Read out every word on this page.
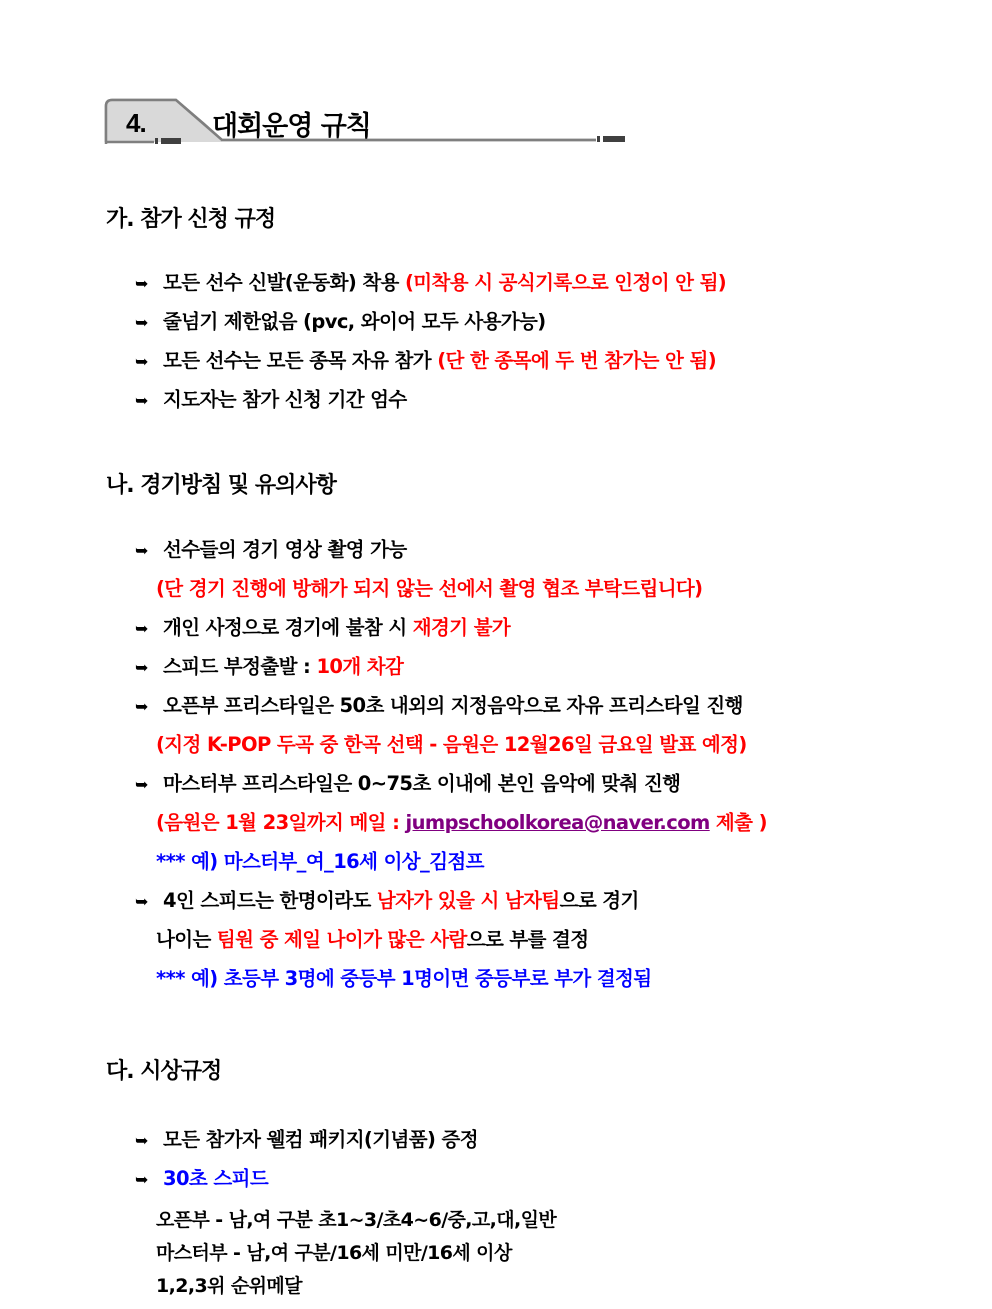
4. 대회운영 규칙
가. 참가 신청 규정
➥ 모든 선수 신발(운동화) 착용 (미착용 시 공식기록으로 인정이 안 됨)
➥ 줄넘기 제한없음 (pvc, 와이어 모두 사용가능)
➥ 모든 선수는 모든 종목 자유 참가 (단 한 종목에 두 번 참가는 안 됨)
➥ 지도자는 참가 신청 기간 엄수
나. 경기방침 및 유의사항
➥ 선수들의 경기 영상 촬영 가능
(단 경기 진행에 방해가 되지 않는 선에서 촬영 협조 부탁드립니다)
➥ 개인 사정으로 경기에 불참 시 재경기 불가
➥ 스피드 부정출발 : 10개 차감
➥ 오픈부 프리스타일은 50초 내외의 지정음악으로 자유 프리스타일 진행
(지정 K-POP 두곡 중 한곡 선택 - 음원은 12월26일 금요일 발표 예정)
➥ 마스터부 프리스타일은 0~75초 이내에 본인 음악에 맞춰 진행
(음원은 1월 23일까지 메일 : jumpschoolkorea@naver.com 제출 )
*** 예) 마스터부_여_16세 이상_김점프
➥ 4인 스피드는 한명이라도 남자가 있을 시 남자팀으로 경기
나이는 팀원 중 제일 나이가 많은 사람으로 부를 결정
*** 예) 초등부 3명에 중등부 1명이면 중등부로 부가 결정됨
다. 시상규정
➥ 모든 참가자 웰컴 패키지(기념품) 증정
➥ 30초 스피드
오픈부 - 남,여 구분 초1~3/초4~6/중,고,대,일반
마스터부 - 남,여 구분/16세 미만/16세 이상
1,2,3위 순위메달
